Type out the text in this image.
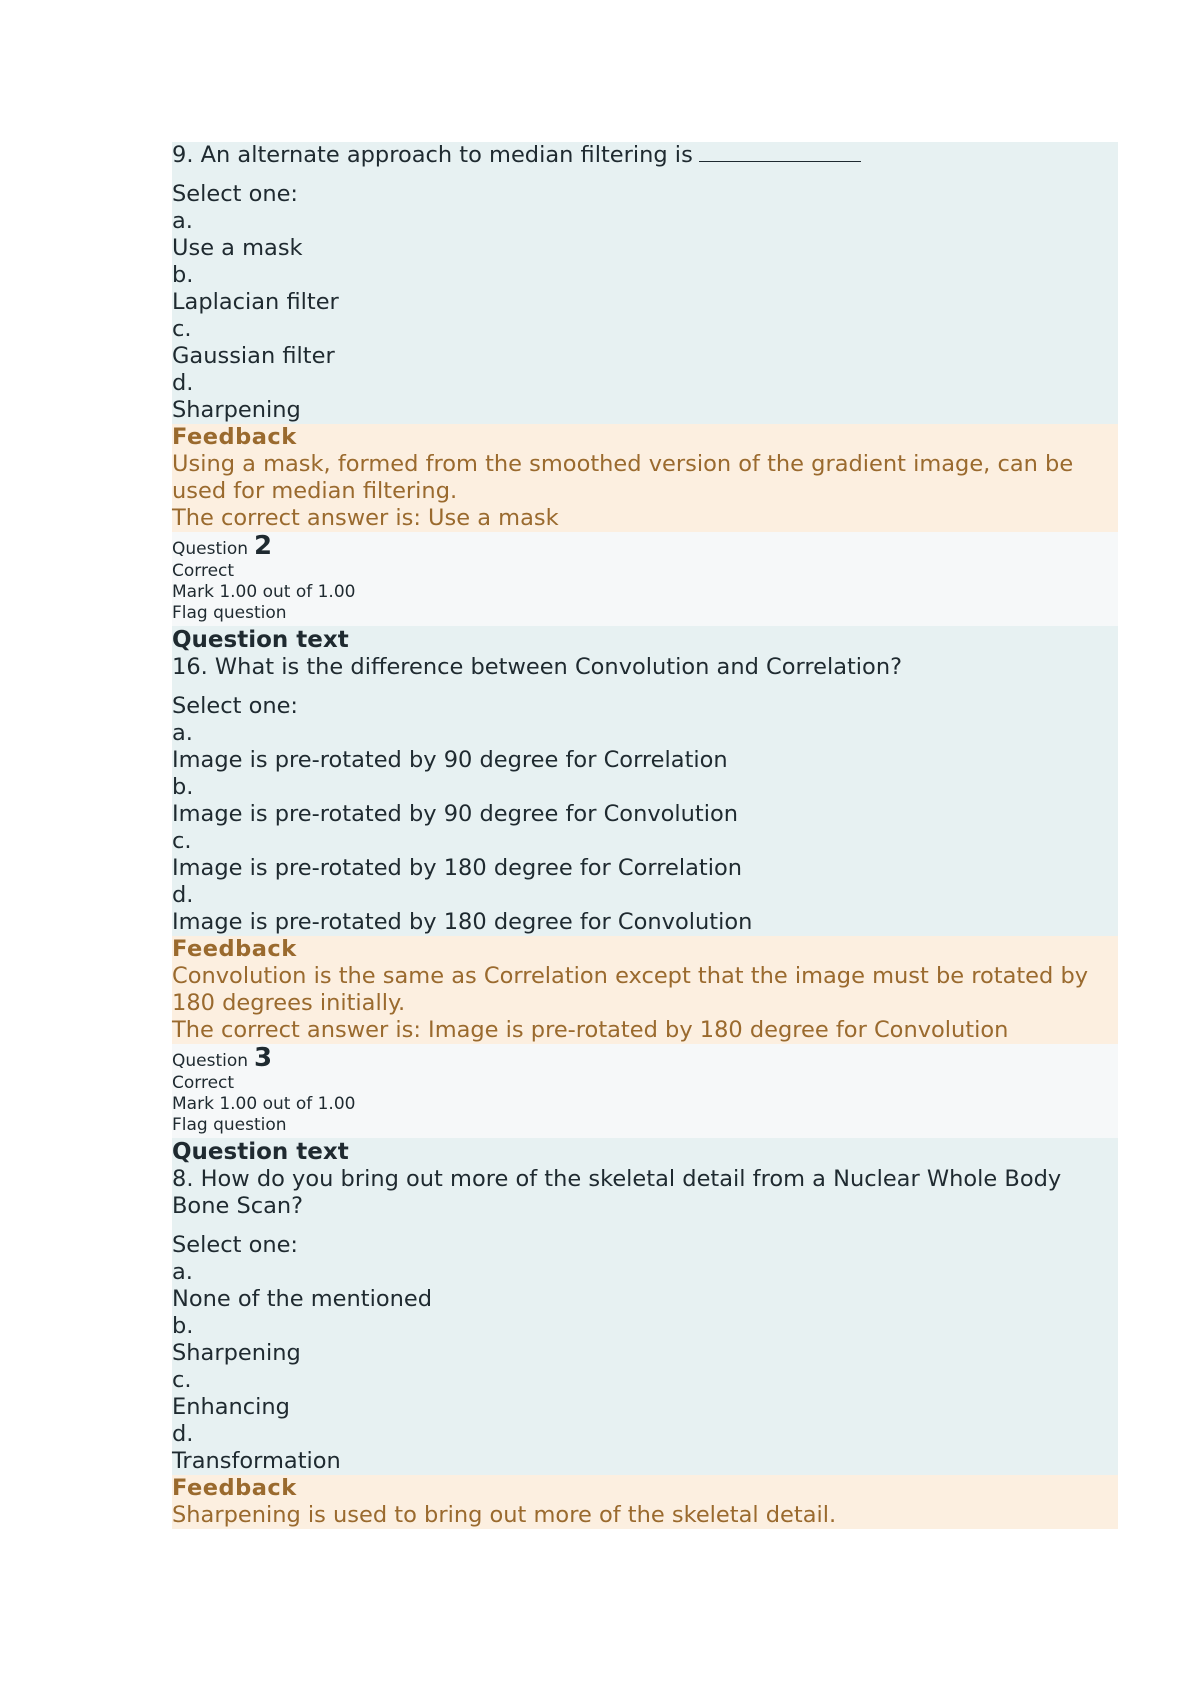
9. An alternate approach to median filtering is
Select one:
a.
Use a mask
b.
Laplacian filter
c.
Gaussian filter
d.
Sharpening
Feedback
Using a mask, formed from the smoothed version of the gradient image, can be used for median filtering.
The correct answer is: Use a mask
Question 2
Correct
Mark 1.00 out of 1.00
Flag question
Question text
16. What is the difference between Convolution and Correlation?
Select one:
a.
Image is pre-rotated by 90 degree for Correlation
b.
Image is pre-rotated by 90 degree for Convolution
c.
Image is pre-rotated by 180 degree for Correlation
d.
Image is pre-rotated by 180 degree for Convolution
Feedback
Convolution is the same as Correlation except that the image must be rotated by 180 degrees initially.
The correct answer is: Image is pre-rotated by 180 degree for Convolution
Question 3
Correct
Mark 1.00 out of 1.00
Flag question
Question text
8. How do you bring out more of the skeletal detail from a Nuclear Whole Body Bone Scan?
Select one:
a.
None of the mentioned
b.
Sharpening
c.
Enhancing
d.
Transformation
Feedback
Sharpening is used to bring out more of the skeletal detail.
